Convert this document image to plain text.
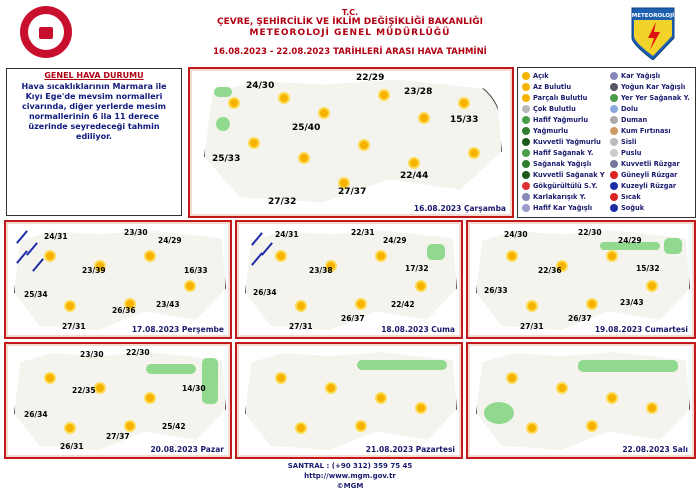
T.C.
ÇEVRE, ŞEHİRCİLİK VE İKLİM DEĞİŞİKLİĞİ BAKANLIĞI
METEOROLOJİ GENEL MÜDÜRLÜĞÜ
16.08.2023 - 22.08.2023 TARİHLERİ ARASI HAVA TAHMİNİ
METEOROLOJİ
GENEL HAVA DURUMU

Hava sıcaklıklarının Marmara ile Kıyı Ege'de mevsim normalleri civarında, diğer yerlerde mesim normallerinin 6 ila 11 derece üzerinde seyredeceği tahmin ediliyor.

24/30
22/29
23/28
25/40
15/33
25/33
22/44
27/32
27/37
16.08.2023 Çarşamba
Açık
Az Bulutlu
Parçalı Bulutlu
Çok Bulutlu
Hafif Yağmurlu
Yağmurlu
Kuvvetli Yağmurlu
Hafif Sağanak Y.
Sağanak Yağışlı
Kuvvetli Sağanak Y
Gökgürültülü S.Y.
Karlakarışık Y.
Hafif Kar Yağışlı
Kar Yağışlı
Yoğun Kar Yağışlı
Yer Yer Sağanak Y.
Dolu
Duman
Kum Fırtınası
Sisli
Puslu
Kuvvetli Rüzgar
Güneyli Rüzgar
Kuzeyli Rüzgar
Sıcak
Soğuk
24/31	23/30
24/29
23/39	16/33
25/34
26/36
23/43
27/31	17.08.2023 Perşembe
24/31	22/31
24/29
23/38	17/32
26/34
22/42
26/37
27/31	18.08.2023 Cuma
24/30	22/30
24/29
22/36	15/32
26/33
23/43
26/37
27/31	19.08.2023 Cumartesi
23/30	22/30
22/35	14/30
26/34
25/42
27/37
26/31	20.08.2023 Pazar	21.08.2023 Pazartesi	22.08.2023 Salı
SANTRAL : (+90 312) 359 75 45
http://www.mgm.gov.tr
©MGM
